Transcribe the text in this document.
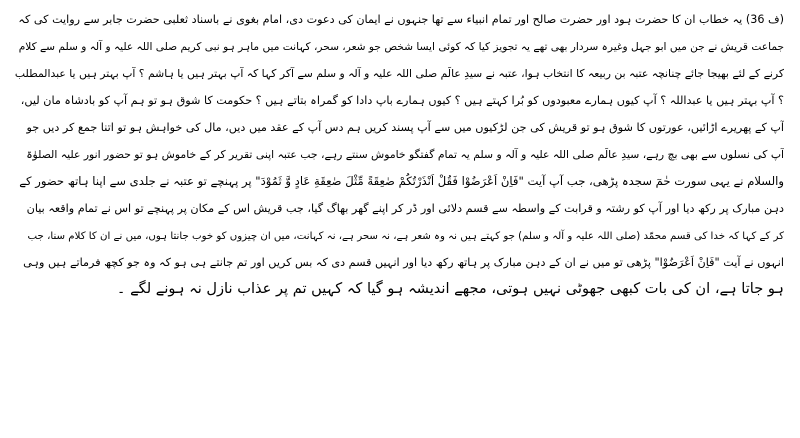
(ف 36) یہ خطاب ان کا حضرت ہود اور حضرت صالح اور تمام انبیاء سے تھا جنہوں نے ایمان کی دعوت دی، امام بغوی نے باسناد ثعلبی حضرت جابر سے روایت کی کہ
جماعت قریش نے جن میں ابو جہل وغیرہ سردار بھی تھے یہ تجویز کیا کہ کوئی ایسا شخص جو شعر، سحر، کہانت میں ماہر ہو نبی کریم صلی اللہ علیہ و آلہ و سلم سے کلام
کرنے کے لئے بھیجا جائے چنانچہ عتبہ بن ربیعہ کا انتخاب ہوا، عتبہ نے سیدِ عالَم صلی اللہ علیہ و آلہ و سلم سے آکر کہا کہ آپ بہتر ہیں یا ہاشم ؟ آپ بہتر ہیں یا عبدالمطلب
؟ آپ بہتر ہیں یا عبداللہ ؟ آپ کیوں ہمارے معبودوں کو بُرا کہتے ہیں ؟ کیوں ہمارے باپ دادا کو گمراہ بتاتے ہیں ؟ حکومت کا شوق ہو تو ہم آپ کو بادشاہ مان لیں،
آپ کے پھریرے اڑائیں، عورتوں کا شوق ہو تو قریش کی جن لڑکیوں میں سے آپ پسند کریں ہم دس آپ کے عقد میں دیں، مال کی خواہش ہو تو اتنا جمع کر دیں جو
آپ کی نسلوں سے بھی بچ رہے، سیدِ عالَم صلی اللہ علیہ و آلہ و سلم یہ تمام گفتگو خاموش سنتے رہے، جب عتبہ اپنی تقریر کر کے خاموش ہو تو حضور انور علیہ الصلوٰۃ
والسلام نے یہی سورت حٰمٓ سجدہ پڑھی، جب آپ آیت "فَاِنْ اَعْرَضُوْا فَقُلْ اَنْذَرْتُكُمْ صٰعِقَةً مِّثْلَ صٰعِقَةِ عَادٍ وَّ ثَمُوْدَ" پر پہنچے تو عتبہ نے جلدی سے اپنا ہاتھ حضور کے
دہن مبارک پر رکھ دیا اور آپ کو رشتہ و قرابت کے واسطہ سے قسم دلائی اور ڈر کر اپنے گھر بھاگ گیا، جب قریش اس کے مکان پر پہنچے تو اس نے تمام واقعہ بیان
کر کے کہا کہ خدا کی قسم محمّد (صلی اللہ علیہ و آلہ و سلم) جو کہتے ہیں نہ وہ شعر ہے، نہ سحر ہے، نہ کہانت، میں ان چیزوں کو خوب جانتا ہوں، میں نے ان کا کلام سنا، جب
انہوں نے آیت "فَاِنْ اَعْرَضُوْا" پڑھی تو میں نے ان کے دہن مبارک پر ہاتھ رکھ دیا اور انہیں قسم دی کہ بس کریں اور تم جانتے ہی ہو کہ وہ جو کچھ فرماتے ہیں وہی
ہو جاتا ہے، ان کی بات کبھی جھوٹی نہیں ہوتی، مجھے اندیشہ ہو گیا کہ کہیں تم پر عذاب نازل نہ ہونے لگے ۔
